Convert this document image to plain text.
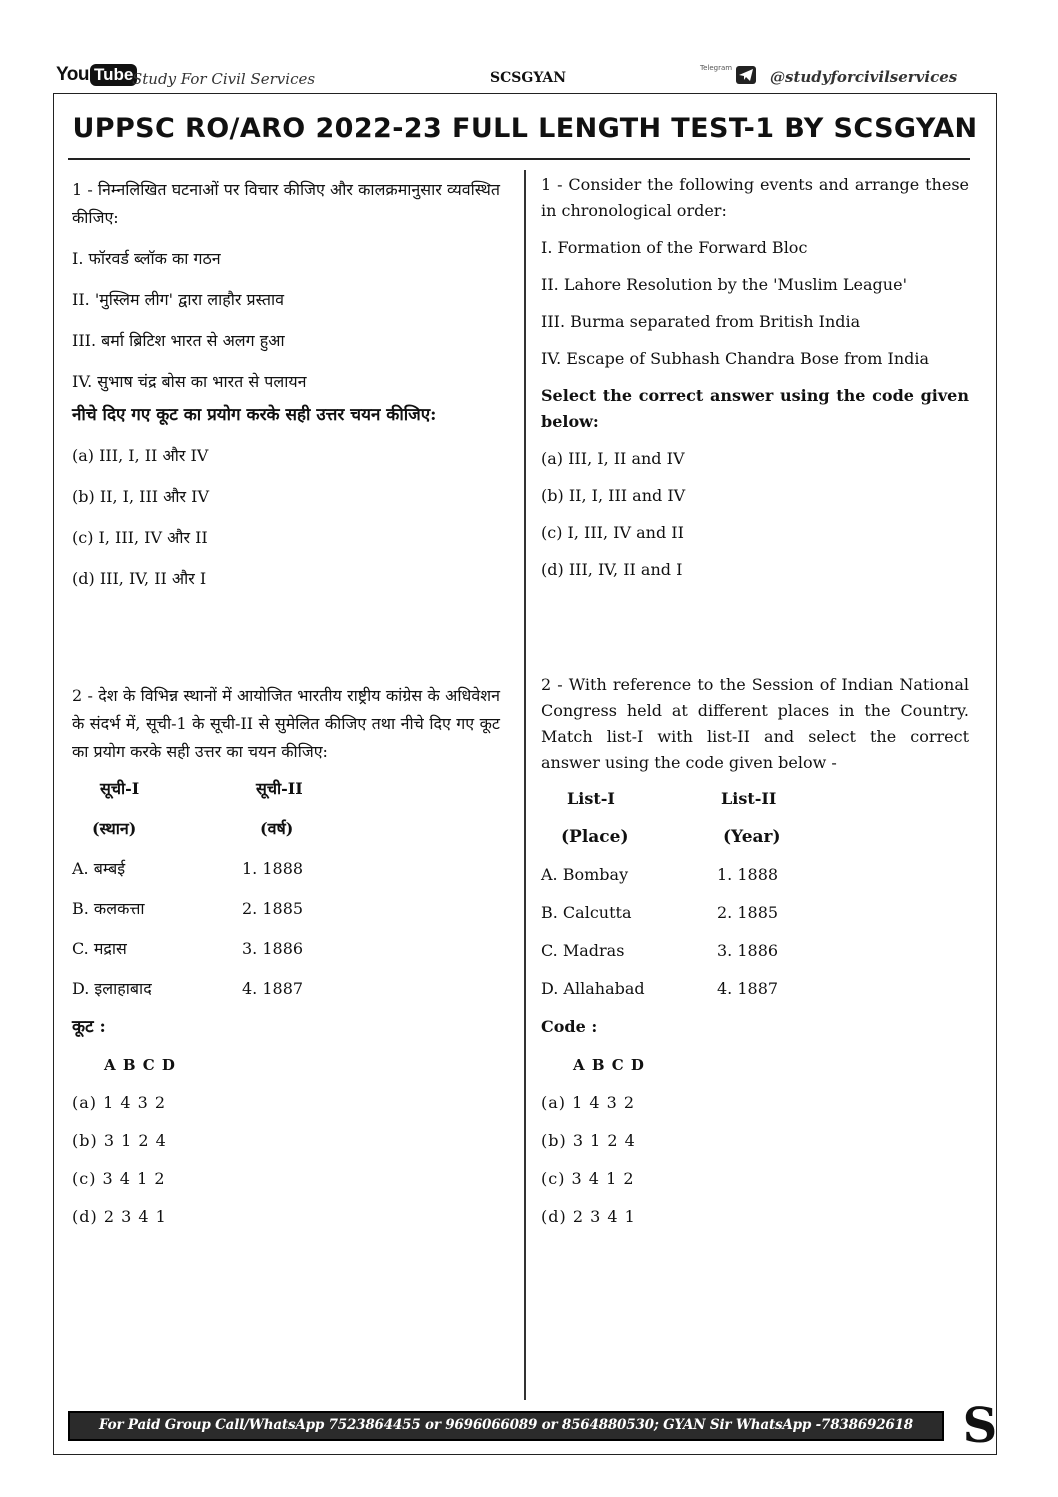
You Tube
Study For Civil Services	SCSGYAN
Telegram	@studyforcivilservices
UPPSC RO/ARO 2022-23 FULL LENGTH TEST-1 BY SCSGYAN

1 - निम्नलिखित घटनाओं पर विचार कीजिए और कालक्रमानुसार व्यवस्थित कीजिए:

I. फॉरवर्ड ब्लॉक का गठन

II. 'मुस्लिम लीग' द्वारा लाहौर प्रस्ताव

III. बर्मा ब्रिटिश भारत से अलग हुआ

IV. सुभाष चंद्र बोस का भारत से पलायन

नीचे दिए गए कूट का प्रयोग करके सही उत्तर चयन कीजिए:

(a) III, I, II और IV

(b) II, I, III और IV

(c) I, III, IV और II

(d) III, IV, II और I

2 - देश के विभिन्न स्थानों में आयोजित भारतीय राष्ट्रीय कांग्रेस के अधिवेशन के संदर्भ में, सूची-1 के सूची-II से सुमेलित कीजिए तथा नीचे दिए गए कूट का प्रयोग करके सही उत्तर का चयन कीजिए:

सूची-I	सूची-II
(स्थान)	(वर्ष)
A. बम्बई	1. 1888
B. कलकत्ता	2. 1885
C. मद्रास	3. 1886
D. इलाहाबाद	4. 1887

कूट :

A B C D

(a) 1 4 3 2

(b) 3 1 2 4

(c) 3 4 1 2

(d) 2 3 4 1

1 - Consider the following events and arrange these in chronological order:

I. Formation of the Forward Bloc

II. Lahore Resolution by the 'Muslim League'

III. Burma separated from British India

IV. Escape of Subhash Chandra Bose from India

Select the correct answer using the code given below:

(a) III, I, II and IV

(b) II, I, III and IV

(c) I, III, IV and II

(d) III, IV, II and I

2 - With reference to the Session of Indian National Congress held at different places in the Country. Match list-I with list-II and select the correct answer using the code given below -

List-I	List-II
(Place)	(Year)
A. Bombay	1. 1888
B. Calcutta	2. 1885
C. Madras	3. 1886
D. Allahabad	4. 1887

Code :

A B C D

(a) 1 4 3 2

(b) 3 1 2 4

(c) 3 4 1 2

(d) 2 3 4 1

For Paid Group Call/WhatsApp 7523864455 or 9696066089 or 8564880530; GYAN Sir WhatsApp -7838692618	S
